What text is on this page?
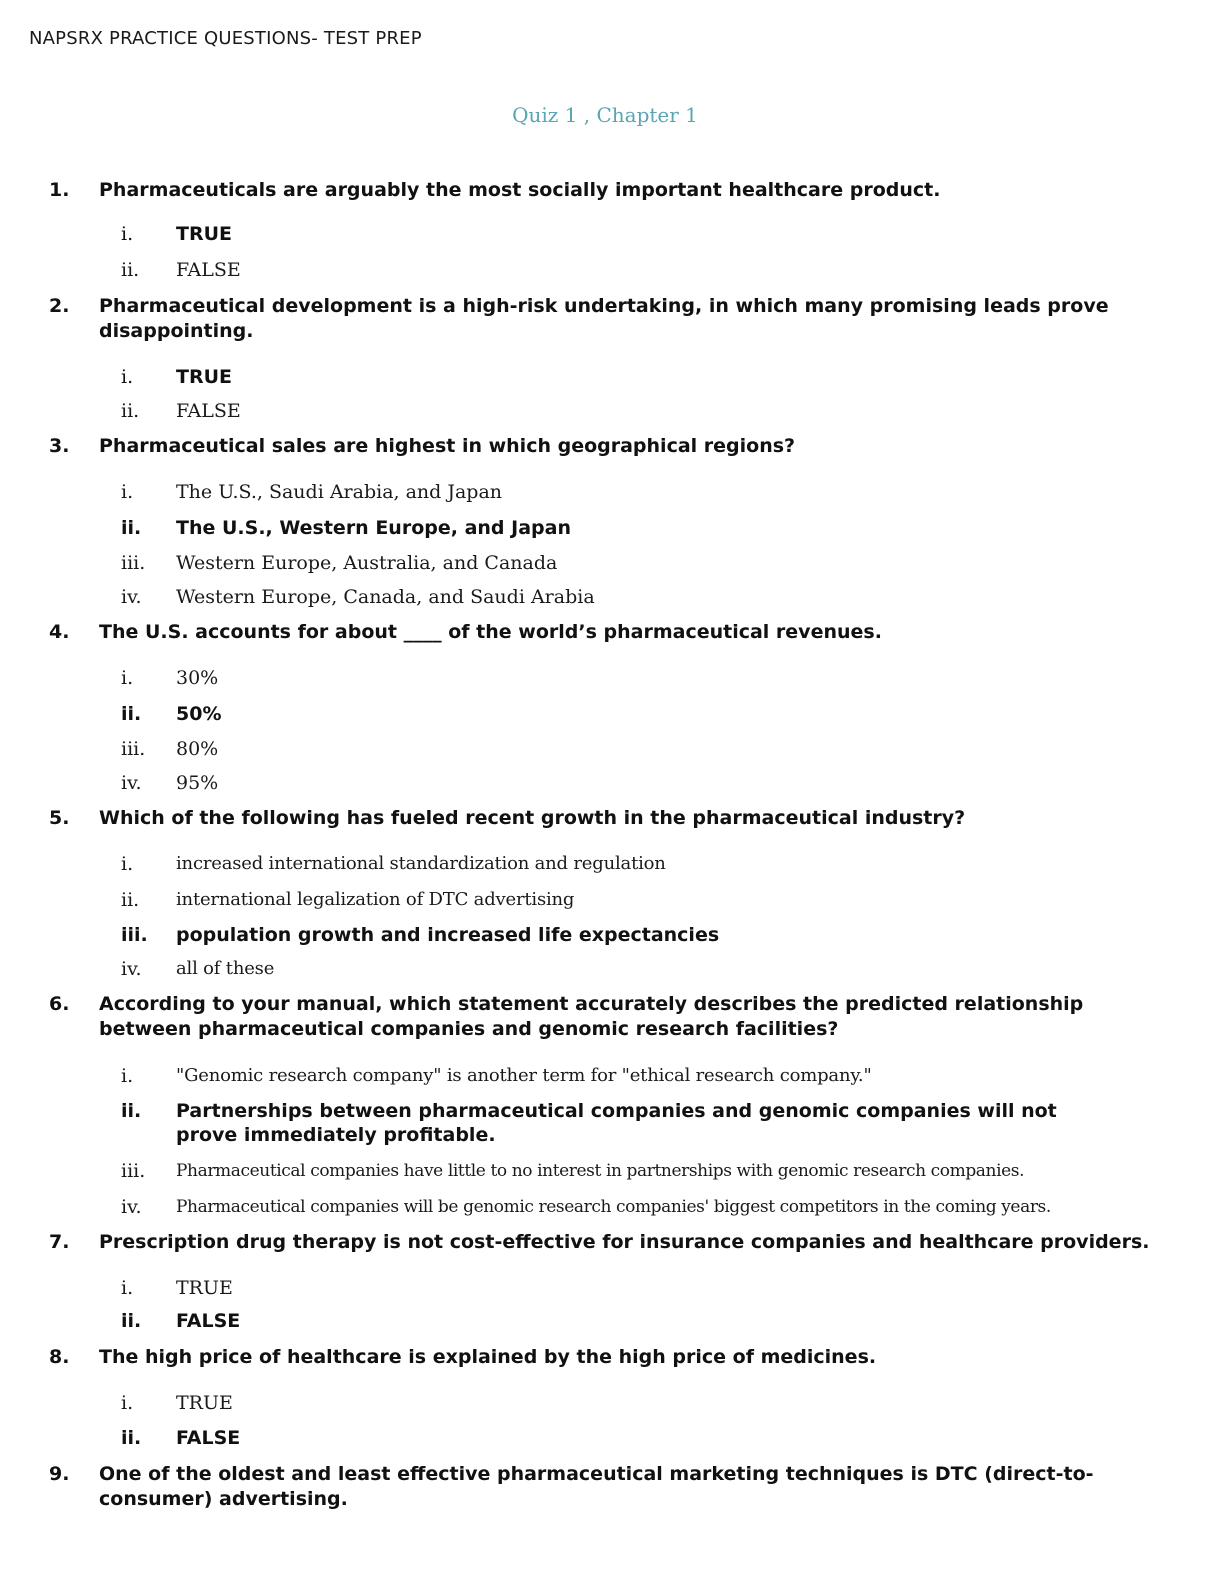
NAPSRX PRACTICE QUESTIONS- TEST PREP
Quiz 1 , Chapter 1
1. Pharmaceuticals are arguably the most socially important healthcare product.
i. TRUE
ii. FALSE
2. Pharmaceutical development is a high-risk undertaking, in which many promising leads prove disappointing.
i. TRUE
ii. FALSE
3. Pharmaceutical sales are highest in which geographical regions?
i. The U.S., Saudi Arabia, and Japan
ii. The U.S., Western Europe, and Japan
iii. Western Europe, Australia, and Canada
iv. Western Europe, Canada, and Saudi Arabia
4. The U.S. accounts for about ____ of the world’s pharmaceutical revenues.
i. 30%
ii. 50%
iii. 80%
iv. 95%
5. Which of the following has fueled recent growth in the pharmaceutical industry?
i. increased international standardization and regulation
ii. international legalization of DTC advertising
iii. population growth and increased life expectancies
iv. all of these
6. According to your manual, which statement accurately describes the predicted relationship between pharmaceutical companies and genomic research facilities?
i. "Genomic research company" is another term for "ethical research company."
ii. Partnerships between pharmaceutical companies and genomic companies will not prove immediately profitable.
iii. Pharmaceutical companies have little to no interest in partnerships with genomic research companies.
iv. Pharmaceutical companies will be genomic research companies' biggest competitors in the coming years.
7. Prescription drug therapy is not cost-effective for insurance companies and healthcare providers.
i. TRUE
ii. FALSE
8. The high price of healthcare is explained by the high price of medicines.
i. TRUE
ii. FALSE
9. One of the oldest and least effective pharmaceutical marketing techniques is DTC (direct-to-consumer) advertising.
